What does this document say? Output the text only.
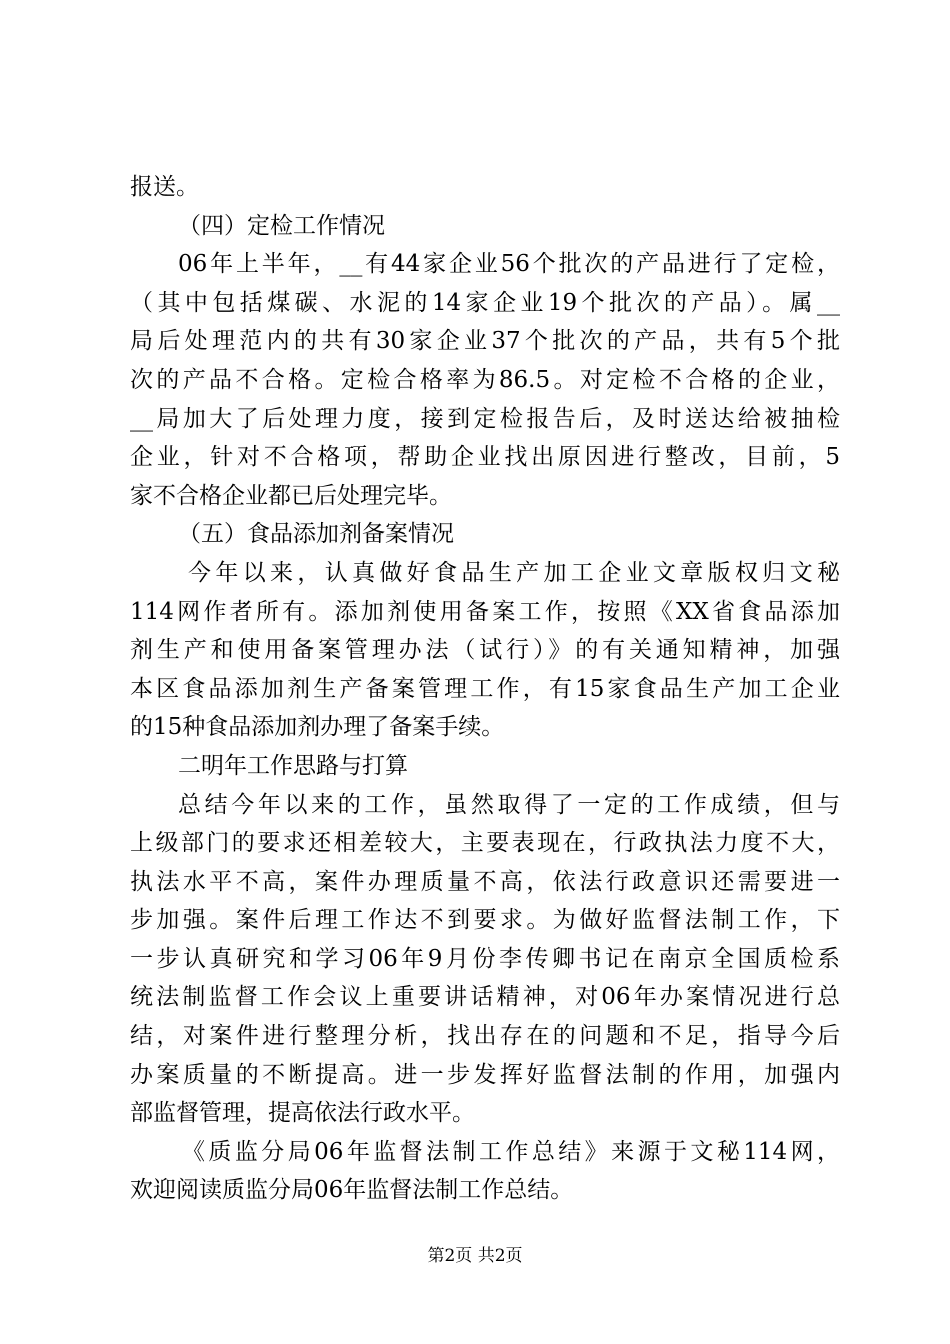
报送。
（四）定检工作情况
06年上半年，__有44家企业56个批次的产品进行了定检，
（其中包括煤碳、水泥的14家企业19个批次的产品）。属__
局后处理范内的共有30家企业37个批次的产品，共有5个批
次的产品不合格。定检合格率为86.5。对定检不合格的企业，
__局加大了后处理力度，接到定检报告后，及时送达给被抽检
企业，针对不合格项，帮助企业找出原因进行整改，目前，5
家不合格企业都已后处理完毕。
（五）食品添加剂备案情况
今年以来，认真做好食品生产加工企业文章版权归文秘
114网作者所有。添加剂使用备案工作，按照《XX省食品添加
剂生产和使用备案管理办法（试行）》的有关通知精神，加强
本区食品添加剂生产备案管理工作，有15家食品生产加工企业
的15种食品添加剂办理了备案手续。
二明年工作思路与打算
总结今年以来的工作，虽然取得了一定的工作成绩，但与
上级部门的要求还相差较大，主要表现在，行政执法力度不大，
执法水平不高，案件办理质量不高，依法行政意识还需要进一
步加强。案件后理工作达不到要求。为做好监督法制工作，下
一步认真研究和学习06年9月份李传卿书记在南京全国质检系
统法制监督工作会议上重要讲话精神，对06年办案情况进行总
结，对案件进行整理分析，找出存在的问题和不足，指导今后
办案质量的不断提高。进一步发挥好监督法制的作用，加强内
部监督管理，提高依法行政水平。
《质监分局06年监督法制工作总结》来源于文秘114网，
欢迎阅读质监分局06年监督法制工作总结。
第2页 共2页
